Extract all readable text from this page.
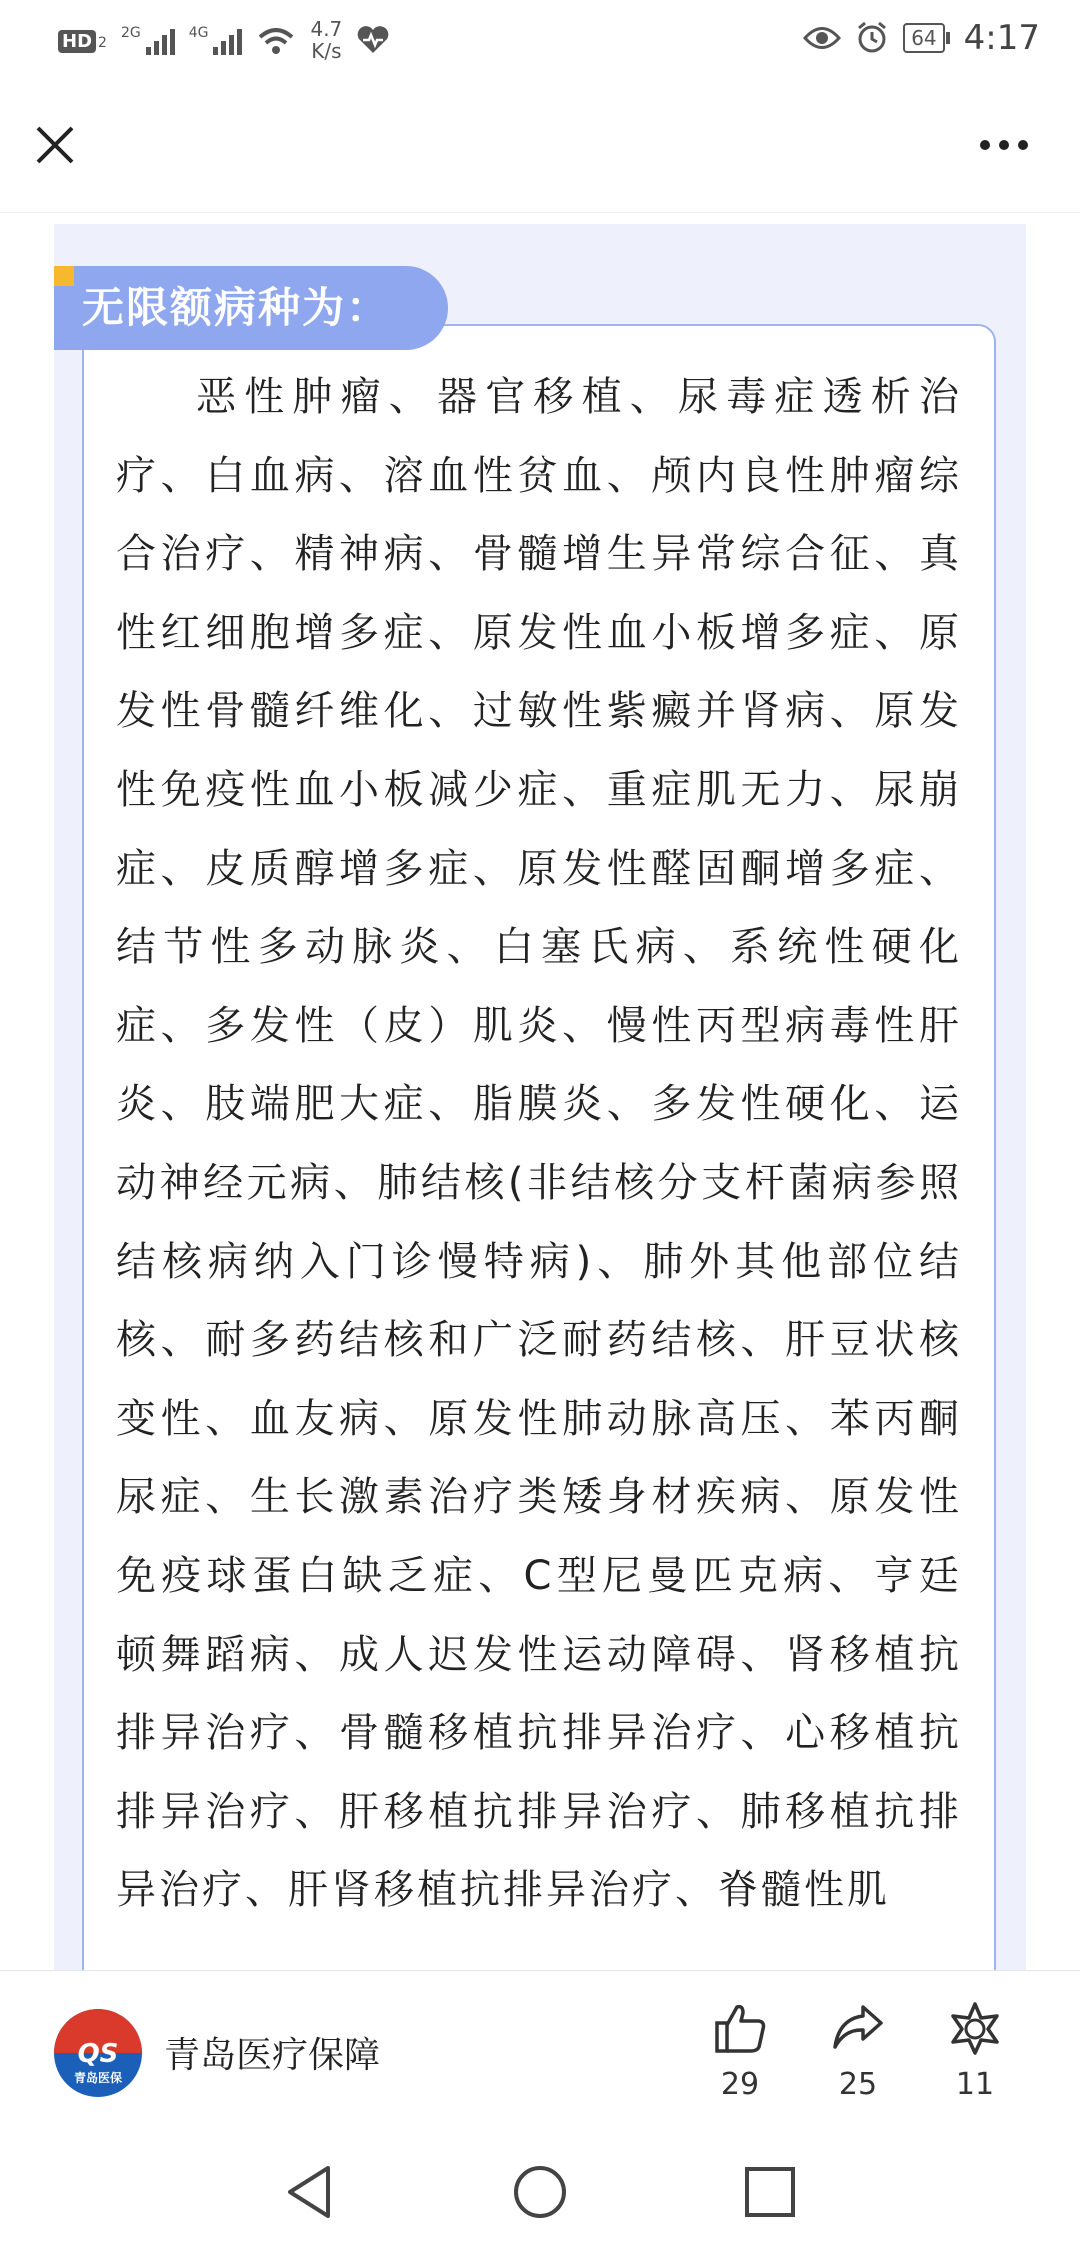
HD 2
2G	4G	4.7
K/s
64 4:17
无限额病种为：

恶性肿瘤、器官移植、尿毒症透析治疗、白血病、溶血性贫血、颅内良性肿瘤综合治疗、精神病、骨髓增生异常综合征、真性红细胞增多症、原发性血小板增多症、原发性骨髓纤维化、过敏性紫癜并肾病、原发性免疫性血小板减少症、重症肌无力、尿崩症、皮质醇增多症、原发性醛固酮增多症、结节性多动脉炎、白塞氏病、系统性硬化症、多发性（皮）肌炎、慢性丙型病毒性肝炎、肢端肥大症、脂膜炎、多发性硬化、运动神经元病、肺结核(非结核分支杆菌病参照结核病纳入门诊慢特病)、肺外其他部位结核、耐多药结核和广泛耐药结核、肝豆状核变性、血友病、原发性肺动脉高压、苯丙酮尿症、生长激素治疗类矮身材疾病、原发性免疫球蛋白缺乏症、C型尼曼匹克病、亨廷顿舞蹈病、成人迟发性运动障碍、肾移植抗排异治疗、骨髓移植抗排异治疗、心移植抗排异治疗、肝移植抗排异治疗、肺移植抗排异治疗、肝肾移植抗排异治疗、脊髓性肌

QS
青岛医保
青岛医疗保障
29	25	11
